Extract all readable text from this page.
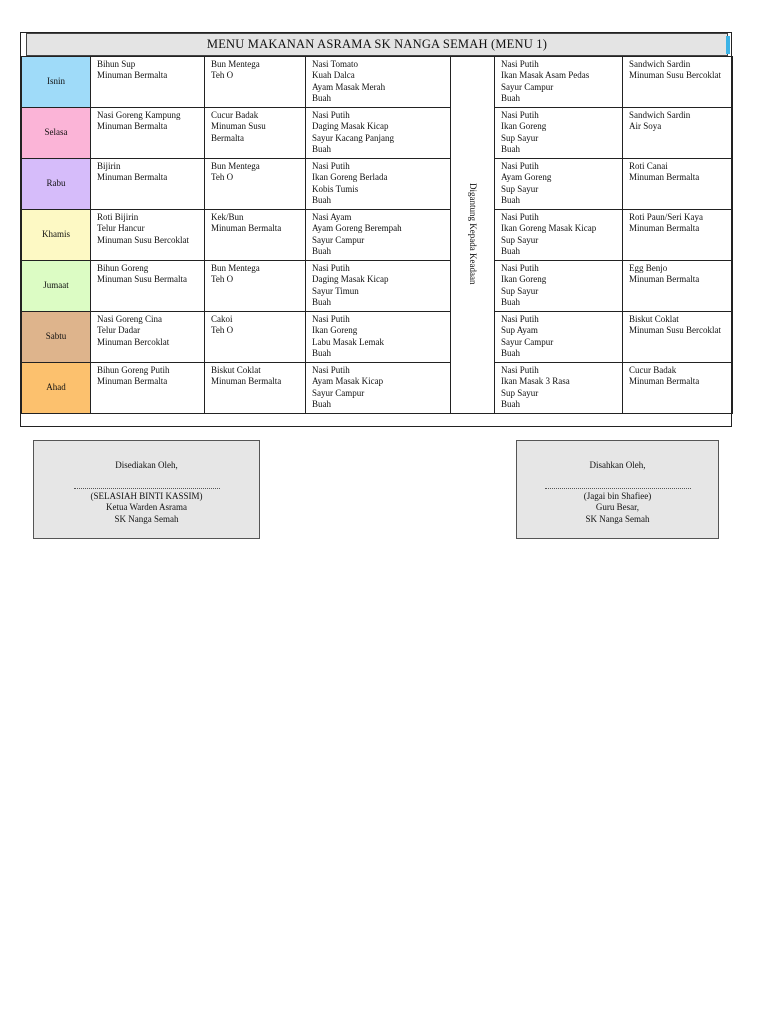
MENU MAKANAN ASRAMA SK NANGA SEMAH (MENU 1)
Isnin	Bihun Sup
Minuman Bermalta	Bun Mentega
Teh O	Nasi Tomato
Kuah Dalca
Ayam Masak Merah
Buah	Digantung Kepada Keadaan	Nasi Putih
Ikan Masak Asam Pedas
Sayur Campur
Buah	Sandwich Sardin
Minuman Susu Bercoklat

Selasa	Nasi Goreng Kampung
Minuman Bermalta	Cucur Badak
Minuman Susu
Bermalta	Nasi Putih
Daging Masak Kicap
Sayur Kacang Panjang
Buah		Nasi Putih
Ikan Goreng
Sup Sayur
Buah	Sandwich Sardin
Air Soya

Rabu	Bijirin
Minuman Bermalta	Bun Mentega
Teh O	Nasi Putih
Ikan Goreng Berlada
Kobis Tumis
Buah		Nasi Putih
Ayam Goreng
Sup Sayur
Buah	Roti Canai
Minuman Bermalta

Khamis	Roti Bijirin
Telur Hancur
Minuman Susu Bercoklat	Kek/Bun
Minuman Bermalta	Nasi Ayam
Ayam Goreng Berempah
Sayur Campur
Buah		Nasi Putih
Ikan Goreng Masak Kicap
Sup Sayur
Buah	Roti Paun/Seri Kaya
Minuman Bermalta

Jumaat	Bihun Goreng
Minuman Susu Bermalta	Bun Mentega
Teh O	Nasi Putih
Daging Masak Kicap
Sayur Timun
Buah		Nasi Putih
Ikan Goreng
Sup Sayur
Buah	Egg Benjo
Minuman Bermalta

Sabtu	Nasi Goreng Cina
Telur Dadar
Minuman Bercoklat	Cakoi
Teh O	Nasi Putih
Ikan Goreng
Labu Masak Lemak
Buah		Nasi Putih
Sup Ayam
Sayur Campur
Buah	Biskut Coklat
Minuman Susu Bercoklat

Ahad	Bihun Goreng Putih
Minuman Bermalta	Biskut Coklat
Minuman Bermalta	Nasi Putih
Ayam Masak Kicap
Sayur Campur
Buah		Nasi Putih
Ikan Masak 3 Rasa
Sup Sayur
Buah	Cucur Badak
Minuman Bermalta
Disediakan Oleh,
(SELASIAH BINTI KASSIM)
Ketua Warden Asrama
SK Nanga Semah
Disahkan Oleh,
(Jagai bin Shafiee)
Guru Besar,
SK Nanga Semah
